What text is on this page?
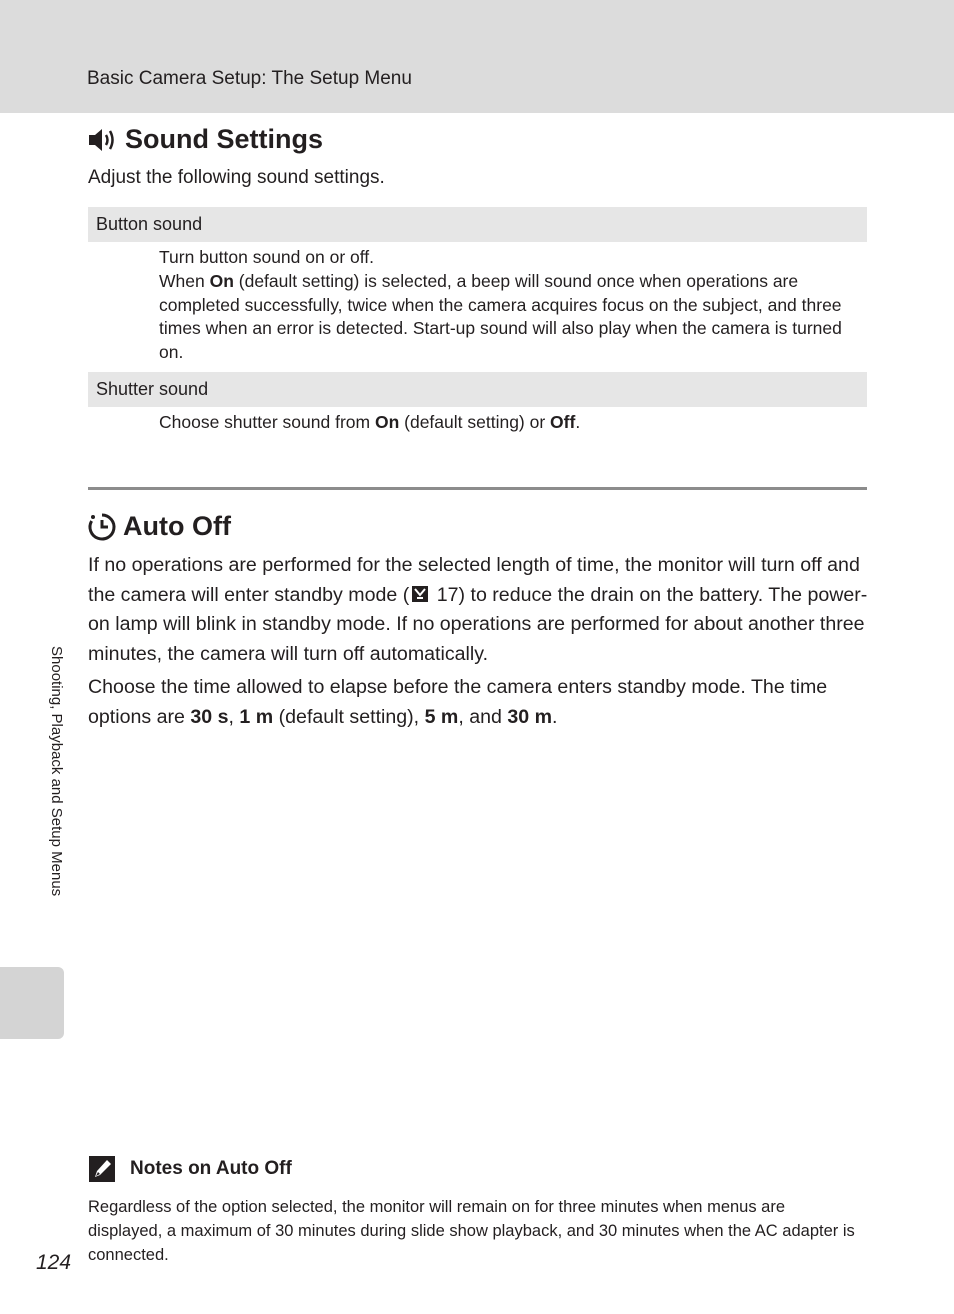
Basic Camera Setup: The Setup Menu
Sound Settings
Adjust the following sound settings.
Button sound

Turn button sound on or off.

When On (default setting) is selected, a beep will sound once when operations are completed successfully, twice when the camera acquires focus on the subject, and three times when an error is detected. Start-up sound will also play when the camera is turned on.

Shutter sound

Choose shutter sound from On (default setting) or Off.

Auto Off

If no operations are performed for the selected length of time, the monitor will turn off and the camera will enter standby mode ( 17) to reduce the drain on the battery. The power-on lamp will blink in standby mode. If no operations are performed for about another three minutes, the camera will turn off automatically.

Choose the time allowed to elapse before the camera enters standby mode. The time options are 30 s, 1 m (default setting), 5 m, and 30 m.

Shooting, Playback and Setup Menus
Notes on Auto Off
Regardless of the option selected, the monitor will remain on for three minutes when menus are displayed, a maximum of 30 minutes during slide show playback, and 30 minutes when the AC adapter is connected.
124
